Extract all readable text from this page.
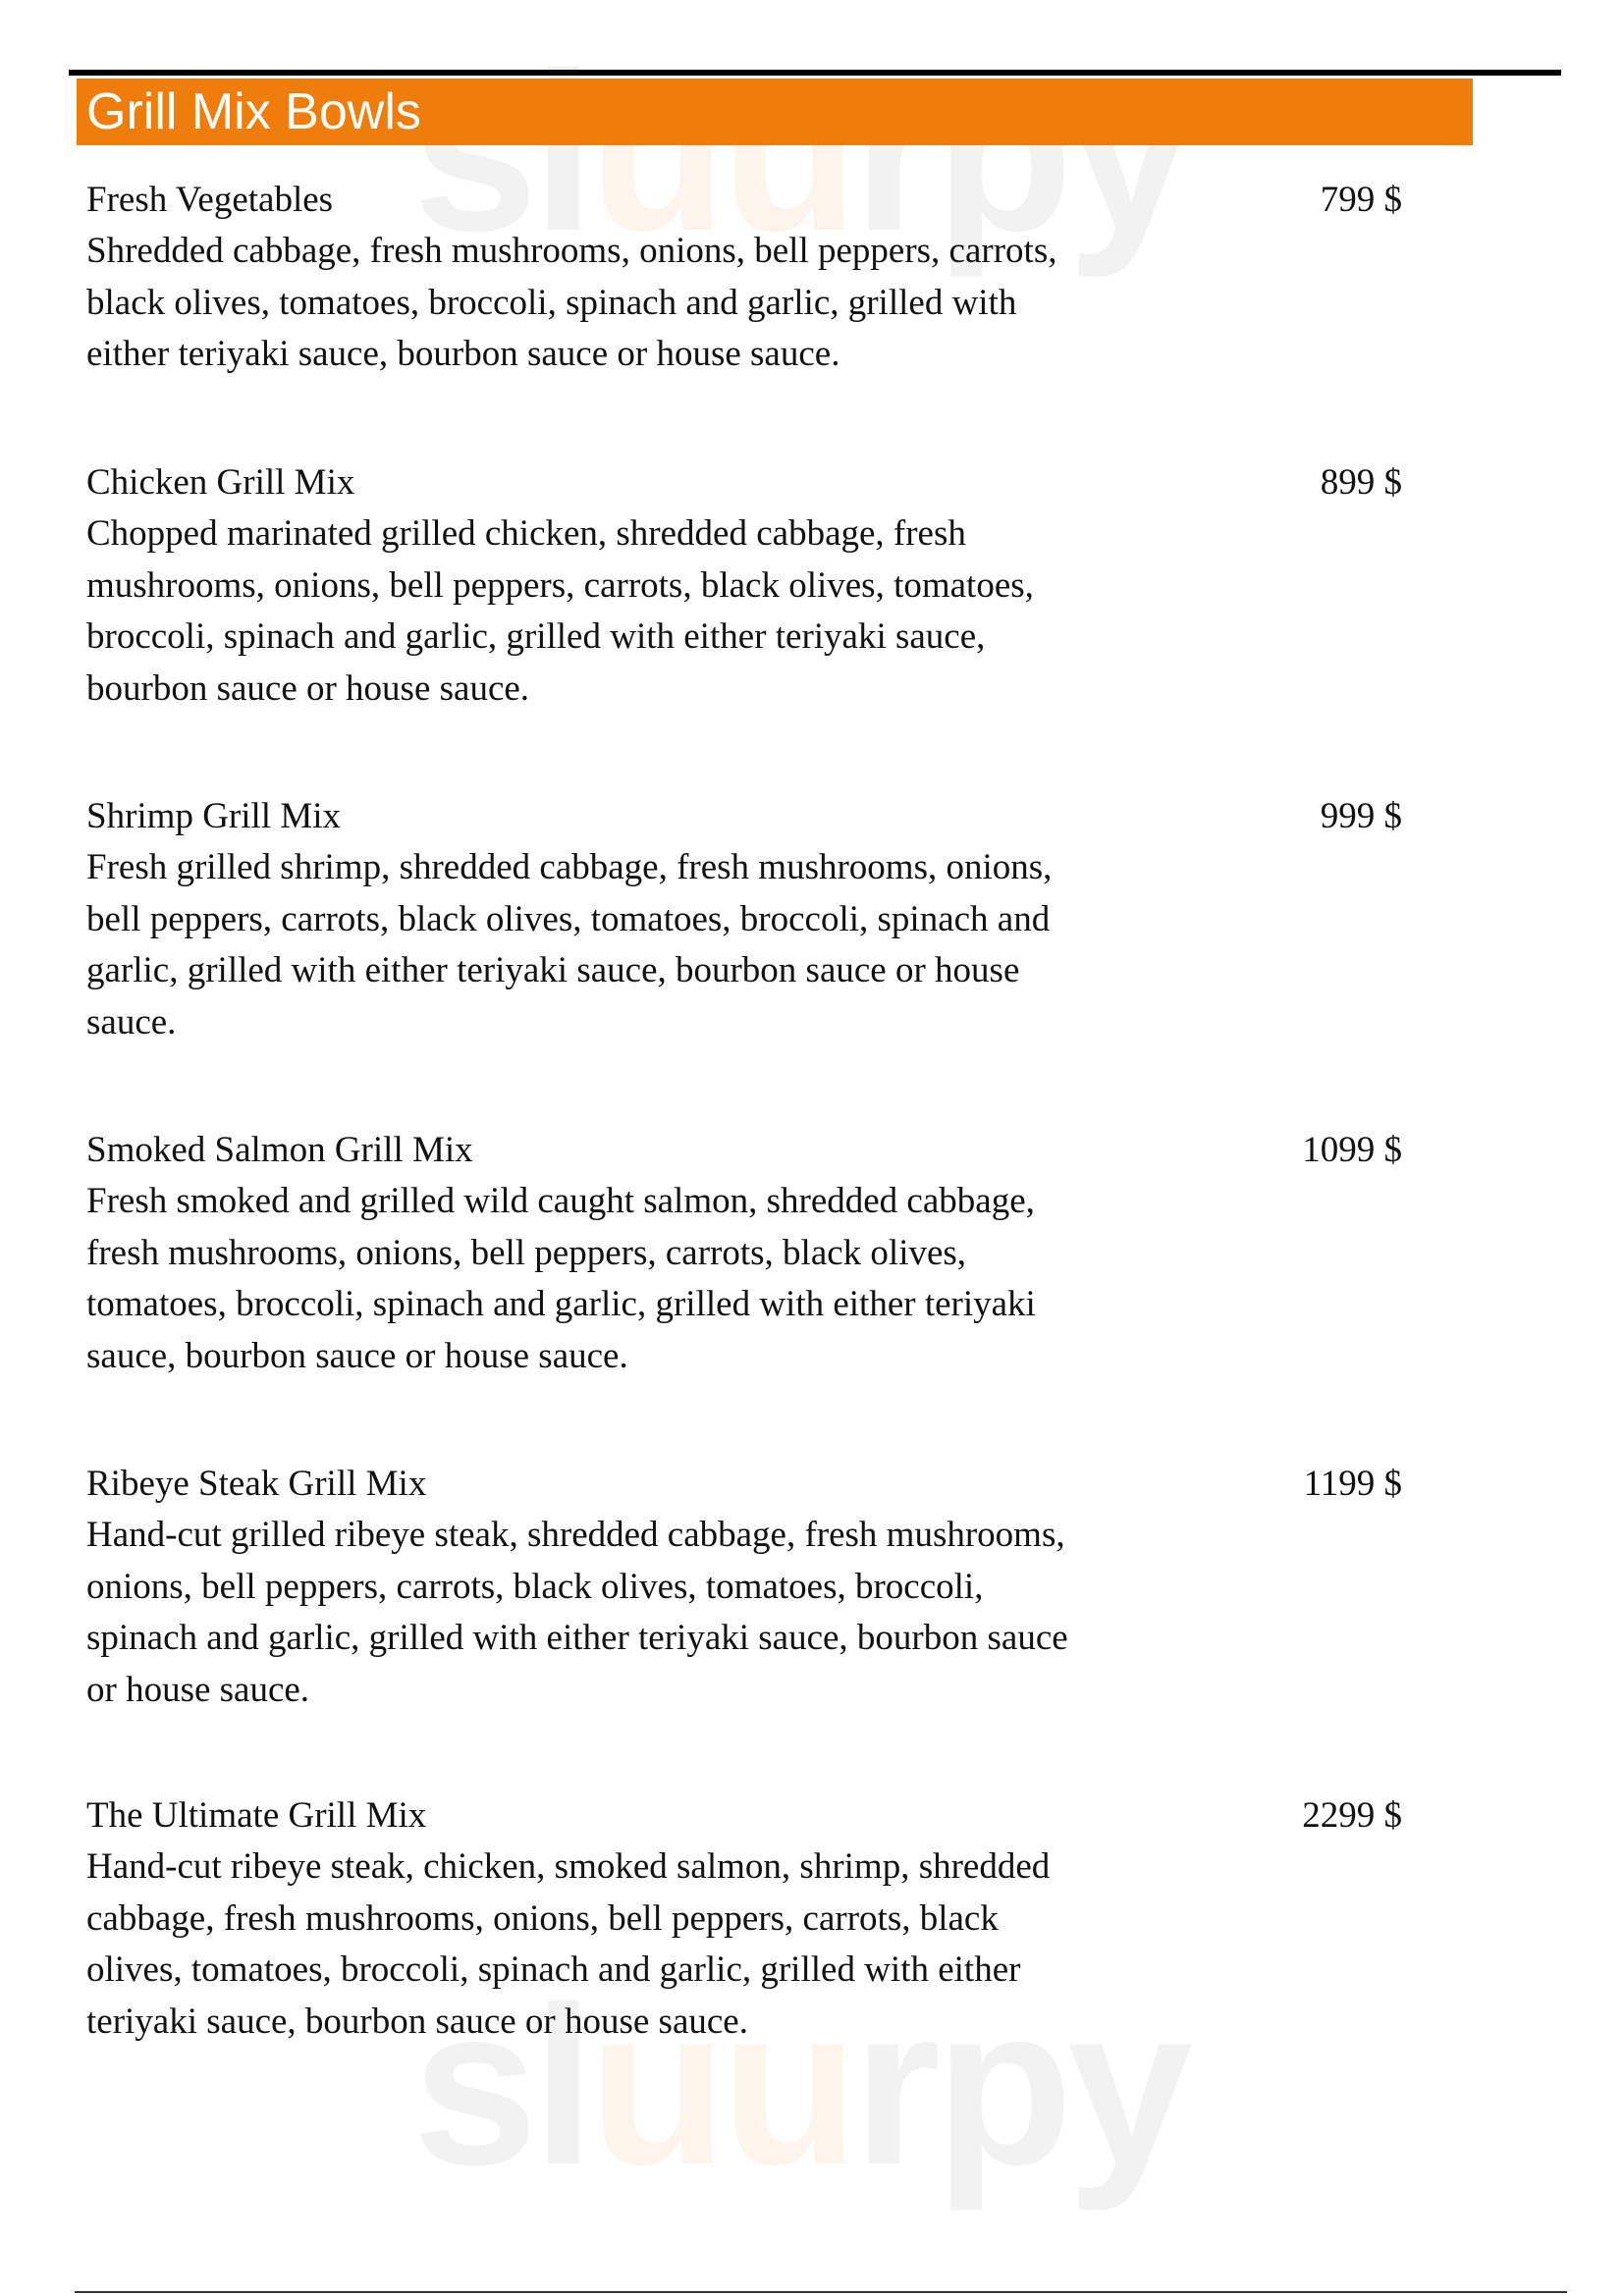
sluurpy
sluurpy
Grill Mix Bowls
Fresh Vegetables	799 $
Shredded cabbage, fresh mushrooms, onions, bell peppers, carrots,
black olives, tomatoes, broccoli, spinach and garlic, grilled with
either teriyaki sauce, bourbon sauce or house sauce.
Chicken Grill Mix	899 $
Chopped marinated grilled chicken, shredded cabbage, fresh
mushrooms, onions, bell peppers, carrots, black olives, tomatoes,
broccoli, spinach and garlic, grilled with either teriyaki sauce,
bourbon sauce or house sauce.
Shrimp Grill Mix	999 $
Fresh grilled shrimp, shredded cabbage, fresh mushrooms, onions,
bell peppers, carrots, black olives, tomatoes, broccoli, spinach and
garlic, grilled with either teriyaki sauce, bourbon sauce or house
sauce.
Smoked Salmon Grill Mix	1099 $
Fresh smoked and grilled wild caught salmon, shredded cabbage,
fresh mushrooms, onions, bell peppers, carrots, black olives,
tomatoes, broccoli, spinach and garlic, grilled with either teriyaki
sauce, bourbon sauce or house sauce.
Ribeye Steak Grill Mix	1199 $
Hand-cut grilled ribeye steak, shredded cabbage, fresh mushrooms,
onions, bell peppers, carrots, black olives, tomatoes, broccoli,
spinach and garlic, grilled with either teriyaki sauce, bourbon sauce
or house sauce.
The Ultimate Grill Mix	2299 $
Hand-cut ribeye steak, chicken, smoked salmon, shrimp, shredded
cabbage, fresh mushrooms, onions, bell peppers, carrots, black
olives, tomatoes, broccoli, spinach and garlic, grilled with either
teriyaki sauce, bourbon sauce or house sauce.
